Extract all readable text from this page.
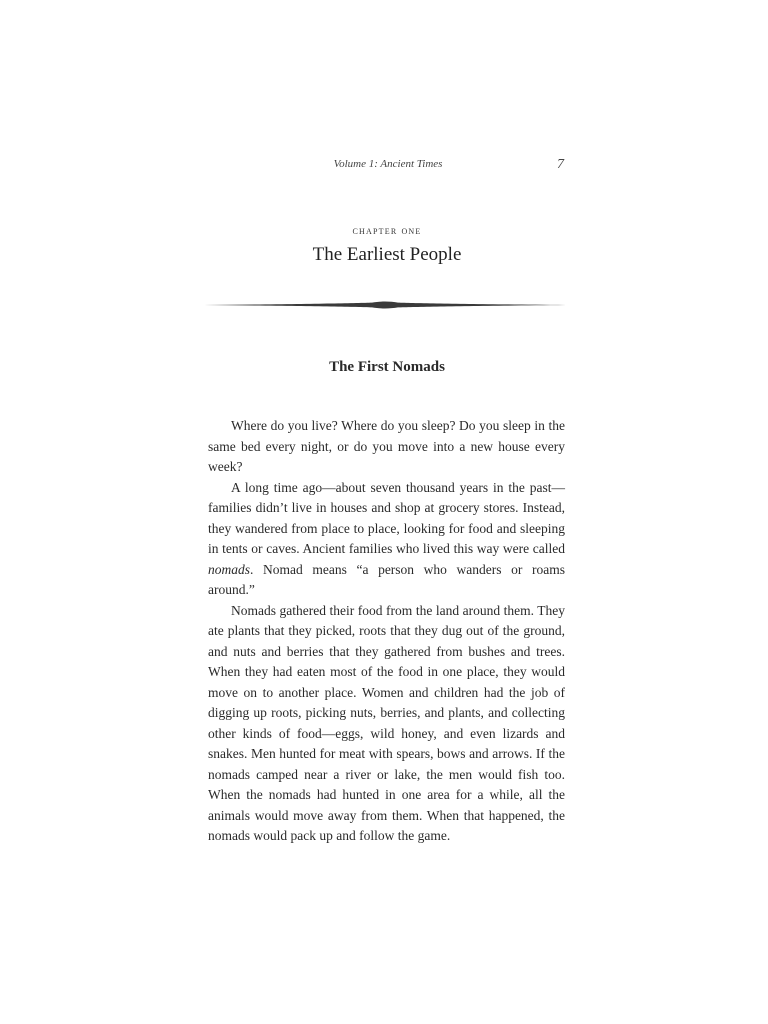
Volume 1: Ancient Times	7
chapter one
The Earliest People
The First Nomads

Where do you live? Where do you sleep? Do you sleep in the same bed every night, or do you move into a new house every week?

A long time ago—about seven thousand years in the past—families didn’t live in houses and shop at grocery stores. Instead, they wandered from place to place, looking for food and sleeping in tents or caves. Ancient families who lived this way were called nomads. Nomad means “a person who wanders or roams around.”

Nomads gathered their food from the land around them. They ate plants that they picked, roots that they dug out of the ground, and nuts and berries that they gathered from bushes and trees. When they had eaten most of the food in one place, they would move on to another place. Women and children had the job of digging up roots, picking nuts, berries, and plants, and collecting other kinds of food—eggs, wild honey, and even lizards and snakes. Men hunted for meat with spears, bows and arrows. If the nomads camped near a river or lake, the men would fish too. When the nomads had hunted in one area for a while, all the animals would move away from them. When that happened, the nomads would pack up and follow the game.
